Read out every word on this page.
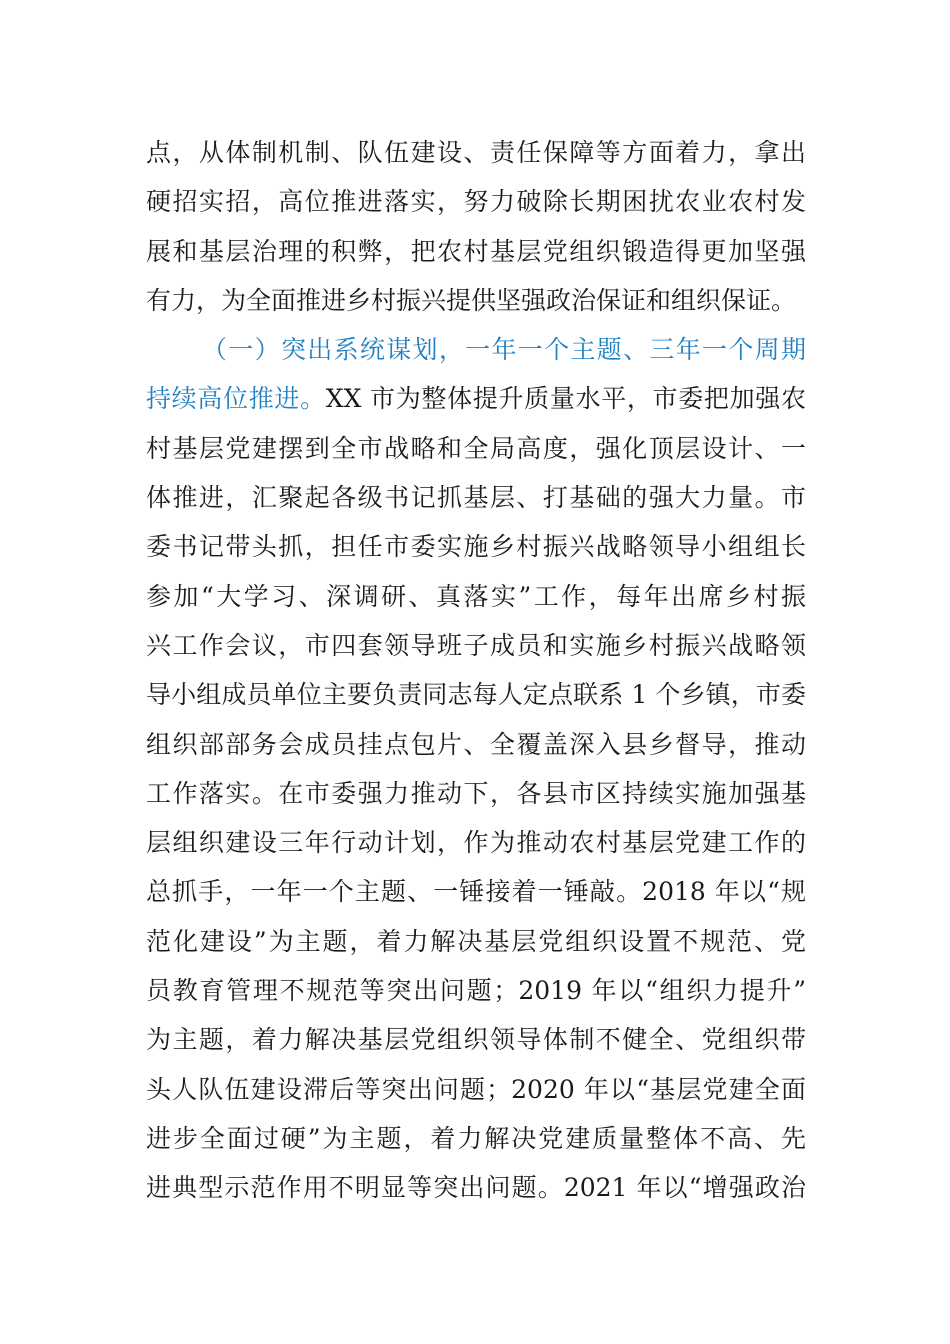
点，从体制机制、队伍建设、责任保障等方面着力，拿出
硬招实招，高位推进落实，努力破除长期困扰农业农村发
展和基层治理的积弊，把农村基层党组织锻造得更加坚强
有力，为全面推进乡村振兴提供坚强政治保证和组织保证。
（一）突出系统谋划，一年一个主题、三年一个周期
持续高位推进。XX 市为整体提升质量水平，市委把加强农
村基层党建摆到全市战略和全局高度，强化顶层设计、一
体推进，汇聚起各级书记抓基层、打基础的强大力量。市
委书记带头抓，担任市委实施乡村振兴战略领导小组组长
参加“大学习、深调研、真落实”工作，每年出席乡村振
兴工作会议，市四套领导班子成员和实施乡村振兴战略领
导小组成员单位主要负责同志每人定点联系 1 个乡镇，市委
组织部部务会成员挂点包片、全覆盖深入县乡督导，推动
工作落实。在市委强力推动下，各县市区持续实施加强基
层组织建设三年行动计划，作为推动农村基层党建工作的
总抓手，一年一个主题、一锤接着一锤敲。2018 年以“规
范化建设”为主题，着力解决基层党组织设置不规范、党
员教育管理不规范等突出问题；2019 年以“组织力提升”
为主题，着力解决基层党组织领导体制不健全、党组织带
头人队伍建设滞后等突出问题；2020 年以“基层党建全面
进步全面过硬”为主题，着力解决党建质量整体不高、先
进典型示范作用不明显等突出问题。2021 年以“增强政治
